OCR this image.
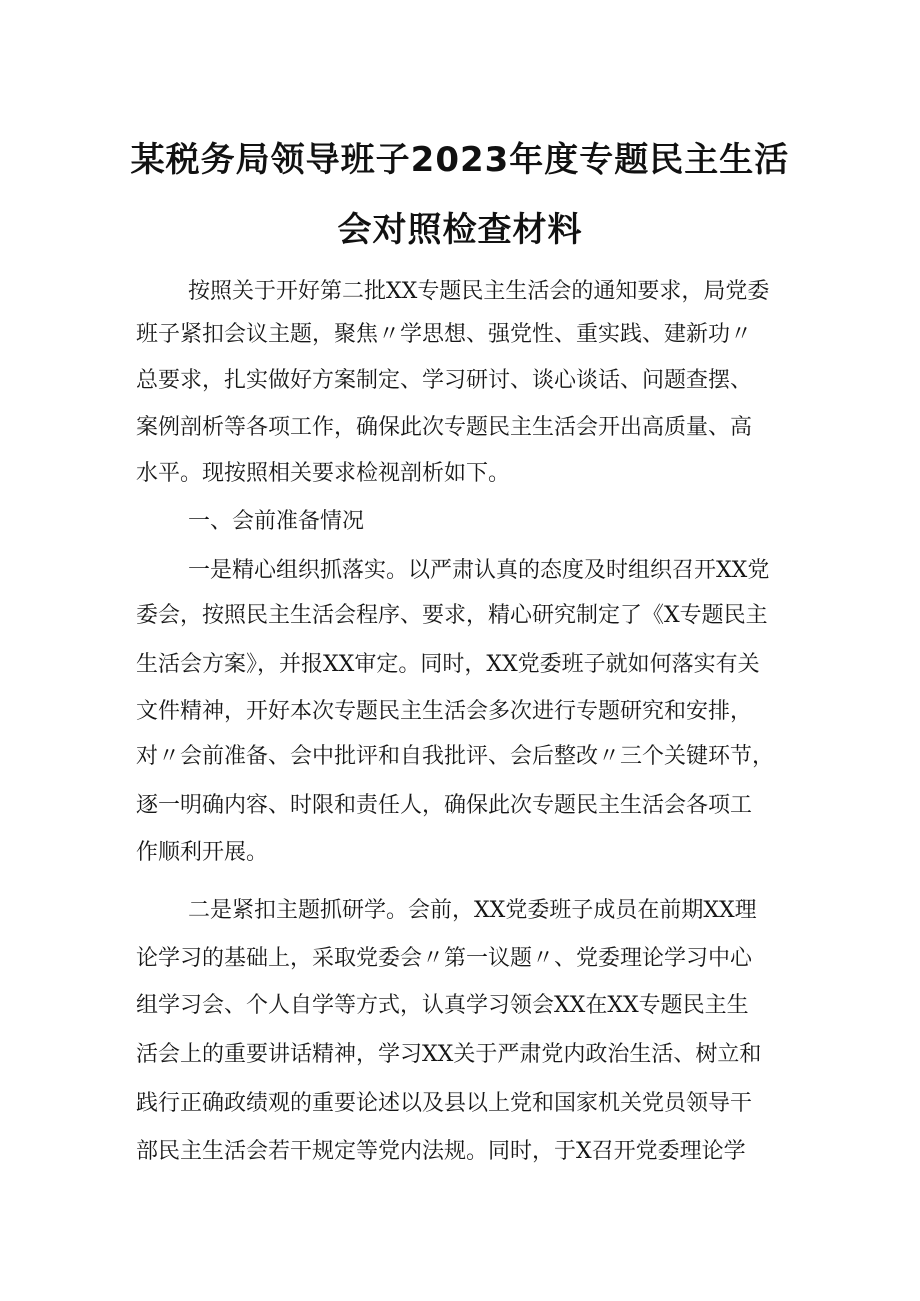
某税务局领导班子2023年度专题民主生活
会对照检查材料
按照关于开好第二批XX专题民主生活会的通知要求，局党委
班子紧扣会议主题，聚焦〃学思想、强党性、重实践、建新功〃
总要求，扎实做好方案制定、学习研讨、谈心谈话、问题查摆、
案例剖析等各项工作，确保此次专题民主生活会开出高质量、高
水平。现按照相关要求检视剖析如下。
一、会前准备情况
一是精心组织抓落实。以严肃认真的态度及时组织召开XX党
委会，按照民主生活会程序、要求，精心研究制定了《X专题民主
生活会方案》，并报XX审定。同时，XX党委班子就如何落实有关
文件精神，开好本次专题民主生活会多次进行专题研究和安排，
对〃会前准备、会中批评和自我批评、会后整改〃三个关键环节，
逐一明确内容、时限和责任人，确保此次专题民主生活会各项工
作顺利开展。
二是紧扣主题抓研学。会前，XX党委班子成员在前期XX理
论学习的基础上，采取党委会〃第一议题〃、党委理论学习中心
组学习会、个人自学等方式，认真学习领会XX在XX专题民主生
活会上的重要讲话精神，学习XX关于严肃党内政治生活、树立和
践行正确政绩观的重要论述以及县以上党和国家机关党员领导干
部民主生活会若干规定等党内法规。同时，于X召开党委理论学
